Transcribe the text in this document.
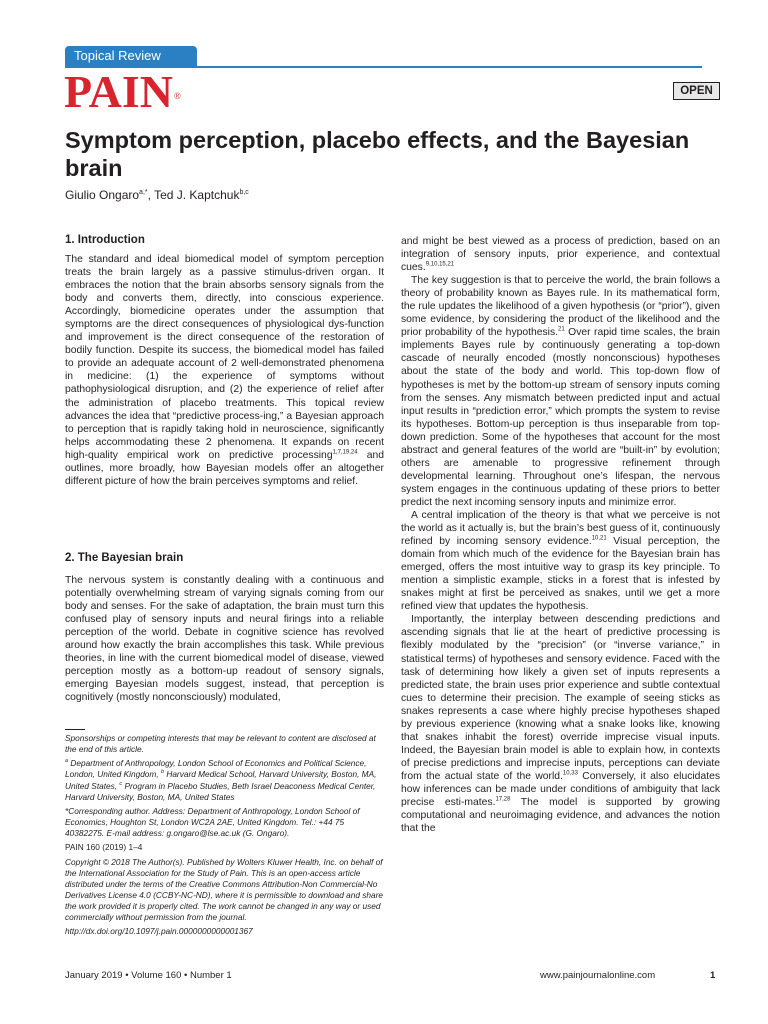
Topical Review
PAIN®	OPEN
Symptom perception, placebo effects, and the Bayesian brain
Giulio Ongaro$^{a,*}$, Ted J. Kaptchuk$^{b,c}$
1. Introduction

The standard and ideal biomedical model of symptom perception treats the brain largely as a passive stimulus-driven organ. It embraces the notion that the brain absorbs sensory signals from the body and converts them, directly, into conscious experience. Accordingly, biomedicine operates under the assumption that symptoms are the direct consequences of physiological dys-function and improvement is the direct consequence of the restoration of bodily function. Despite its success, the biomedical model has failed to provide an adequate account of 2 well-demonstrated phenomena in medicine: (1) the experience of symptoms without pathophysiological disruption, and (2) the experience of relief after the administration of placebo treatments. This topical review advances the idea that “predictive process-ing,” a Bayesian approach to perception that is rapidly taking hold in neuroscience, significantly helps accommodating these 2 phenomena. It expands on recent high-quality empirical work on predictive processing$^{1,7,19,24}$ and outlines, more broadly, how Bayesian models offer an altogether different picture of how the brain perceives symptoms and relief.

2. The Bayesian brain

The nervous system is constantly dealing with a continuous and potentially overwhelming stream of varying signals coming from our body and senses. For the sake of adaptation, the brain must turn this confused play of sensory inputs and neural firings into a reliable perception of the world. Debate in cognitive science has revolved around how exactly the brain accomplishes this task. While previous theories, in line with the current biomedical model of disease, viewed perception mostly as a bottom-up readout of sensory signals, emerging Bayesian models suggest, instead, that perception is cognitively (mostly nonconsciously) modulated,

Sponsorships or competing interests that may be relevant to content are disclosed at the end of this article.

$^a$ Department of Anthropology, London School of Economics and Political Science, London, United Kingdom, $^b$ Harvard Medical School, Harvard University, Boston, MA, United States, $^c$ Program in Placebo Studies, Beth Israel Deaconess Medical Center, Harvard University, Boston, MA, United States

*Corresponding author. Address: Department of Anthropology, London School of Economics, Houghton St, London WC2A 2AE, United Kingdom. Tel.: +44 75 40382275. E-mail address: g.ongaro@lse.ac.uk (G. Ongaro).

PAIN 160 (2019) 1–4

Copyright © 2018 The Author(s). Published by Wolters Kluwer Health, Inc. on behalf of the International Association for the Study of Pain. This is an open-access article distributed under the terms of the Creative Commons Attribution-Non Commercial-No Derivatives License 4.0 (CCBY-NC-ND), where it is permissible to download and share the work provided it is properly cited. The work cannot be changed in any way or used commercially without permission from the journal.

http://dx.doi.org/10.1097/j.pain.0000000000001367

and might be best viewed as a process of prediction, based on an integration of sensory inputs, prior experience, and contextual cues.$^{9,10,15,21}$

The key suggestion is that to perceive the world, the brain follows a theory of probability known as Bayes rule. In its mathematical form, the rule updates the likelihood of a given hypothesis (or “prior”), given some evidence, by considering the product of the likelihood and the prior probability of the hypothesis.$^{21}$ Over rapid time scales, the brain implements Bayes rule by continuously generating a top-down cascade of neurally encoded (mostly nonconscious) hypotheses about the state of the body and world. This top-down flow of hypotheses is met by the bottom-up stream of sensory inputs coming from the senses. Any mismatch between predicted input and actual input results in “prediction error,” which prompts the system to revise its hypotheses. Bottom-up perception is thus inseparable from top-down prediction. Some of the hypotheses that account for the most abstract and general features of the world are “built-in” by evolution; others are amenable to progressive refinement through developmental learning. Throughout one’s lifespan, the nervous system engages in the continuous updating of these priors to better predict the next incoming sensory inputs and minimize error.

A central implication of the theory is that what we perceive is not the world as it actually is, but the brain’s best guess of it, continuously refined by incoming sensory evidence.$^{10,21}$ Visual perception, the domain from which much of the evidence for the Bayesian brain has emerged, offers the most intuitive way to grasp its key principle. To mention a simplistic example, sticks in a forest that is infested by snakes might at first be perceived as snakes, until we get a more refined view that updates the hypothesis.

Importantly, the interplay between descending predictions and ascending signals that lie at the heart of predictive processing is flexibly modulated by the “precision” (or “inverse variance,” in statistical terms) of hypotheses and sensory evidence. Faced with the task of determining how likely a given set of inputs represents a predicted state, the brain uses prior experience and subtle contextual cues to determine their precision. The example of seeing sticks as snakes represents a case where highly precise hypotheses shaped by previous experience (knowing what a snake looks like, knowing that snakes inhabit the forest) override imprecise visual inputs. Indeed, the Bayesian brain model is able to explain how, in contexts of precise predictions and imprecise inputs, perceptions can deviate from the actual state of the world.$^{10,33}$ Conversely, it also elucidates how inferences can be made under conditions of ambiguity that lack precise esti-mates.$^{17,28}$ The model is supported by growing computational and neuroimaging evidence, and advances the notion that the

January 2019 • Volume 160 • Number 1	www.painjournalonline.com	1
